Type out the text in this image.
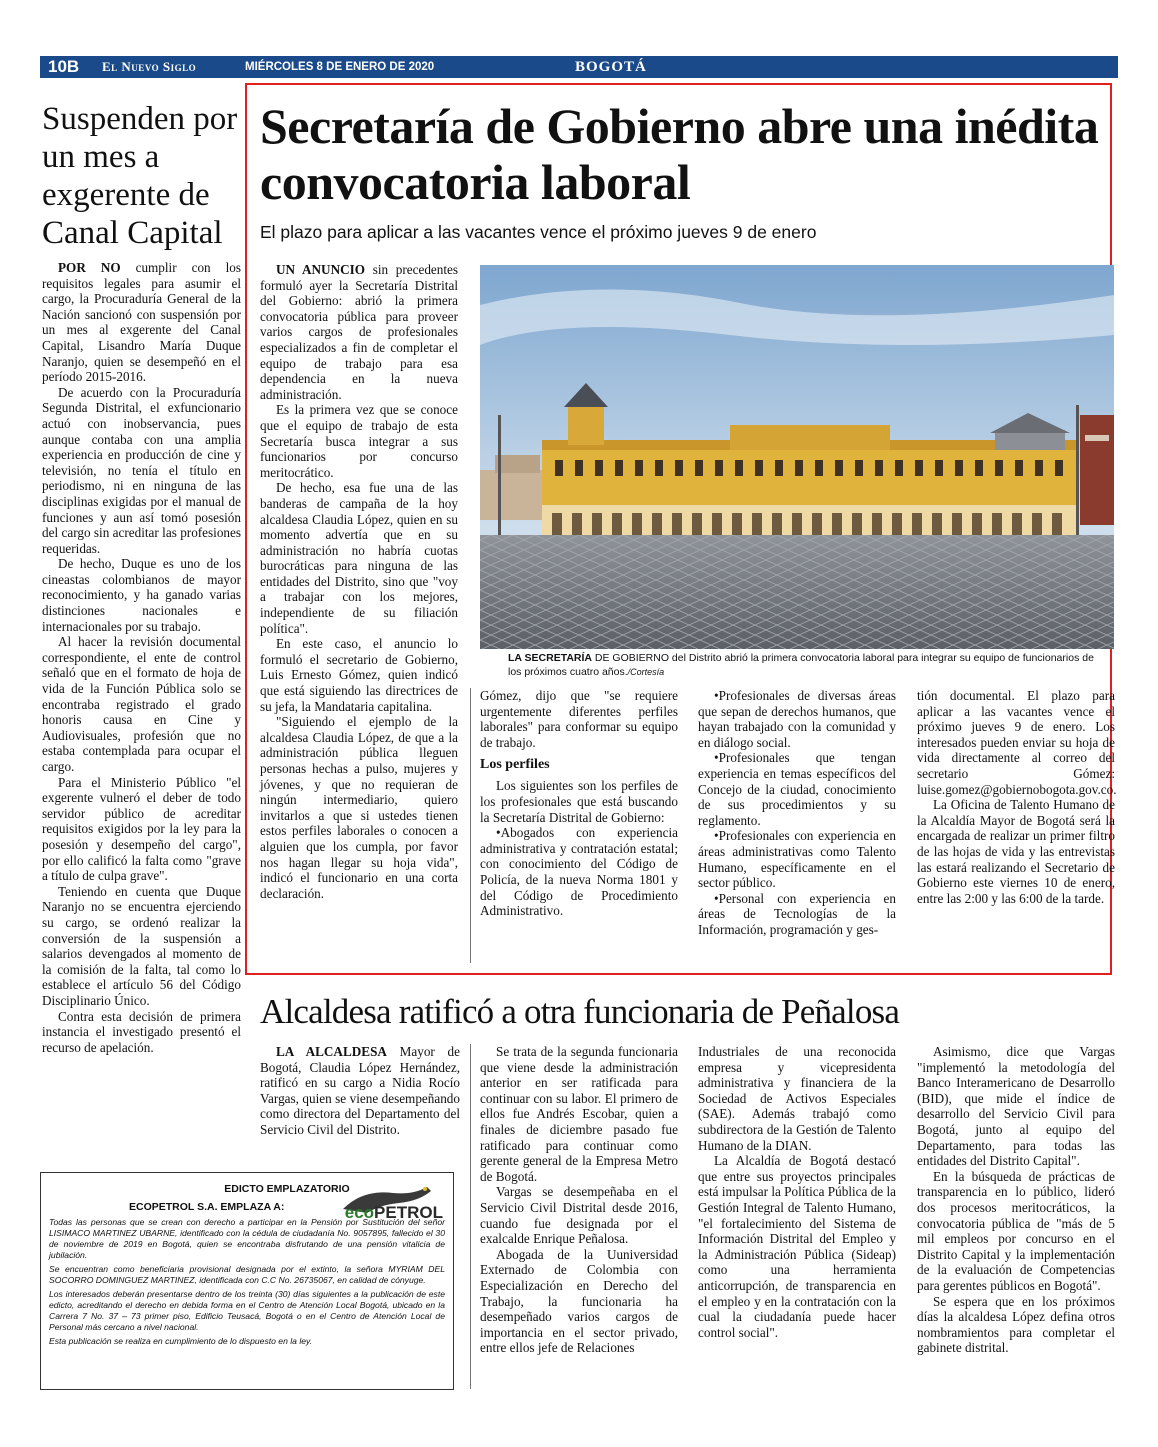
10B El Nuevo Siglo	MIÉRCOLES 8 DE ENERO DE 2020	BOGOTÁ
Suspenden por un mes a exgerente de Canal Capital

POR NO cumplir con los requisitos legales para asumir el cargo, la Procuraduría General de la Nación sancionó con suspensión por un mes al exgerente del Canal Capital, Lisandro María Duque Naranjo, quien se desempeñó en el período 2015-2016.

De acuerdo con la Procuraduría Segunda Distrital, el exfuncionario actuó con inobservancia, pues aunque contaba con una amplia experiencia en producción de cine y televisión, no tenía el título en periodismo, ni en ninguna de las disciplinas exigidas por el manual de funciones y aun así tomó posesión del cargo sin acreditar las profesiones requeridas.

De hecho, Duque es uno de los cineastas colombianos de mayor reconocimiento, y ha ganado varias distinciones nacionales e internacionales por su trabajo.

Al hacer la revisión documental correspondiente, el ente de control señaló que en el formato de hoja de vida de la Función Pública solo se encontraba registrado el grado honoris causa en Cine y Audiovisuales, profesión que no estaba contemplada para ocupar el cargo.

Para el Ministerio Público "el exgerente vulneró el deber de todo servidor público de acreditar requisitos exigidos por la ley para la posesión y desempeño del cargo", por ello calificó la falta como "grave a título de culpa grave".

Teniendo en cuenta que Duque Naranjo no se encuentra ejerciendo su cargo, se ordenó realizar la conversión de la suspensión a salarios devengados al momento de la comisión de la falta, tal como lo establece el artículo 56 del Código Disciplinario Único.

Contra esta decisión de primera instancia el investigado presentó el recurso de apelación.

Secretaría de Gobierno abre una inédita convocatoria laboral
El plazo para aplicar a las vacantes vence el próximo jueves 9 de enero

UN ANUNCIO sin precedentes formuló ayer la Secretaría Distrital del Gobierno: abrió la primera convocatoria pública para proveer varios cargos de profesionales especializados a fin de completar el equipo de trabajo para esa dependencia en la nueva administración.

Es la primera vez que se conoce que el equipo de trabajo de esta Secretaría busca integrar a sus funcionarios por concurso meritocrático.

De hecho, esa fue una de las banderas de campaña de la hoy alcaldesa Claudia López, quien en su momento advertía que en su administración no habría cuotas burocráticas para ninguna de las entidades del Distrito, sino que "voy a trabajar con los mejores, independiente de su filiación política".

En este caso, el anuncio lo formuló el secretario de Gobierno, Luis Ernesto Gómez, quien indicó que está siguiendo las directrices de su jefa, la Mandataria capitalina.

"Siguiendo el ejemplo de la alcaldesa Claudia López, de que a la administración pública lleguen personas hechas a pulso, mujeres y jóvenes, y que no requieran de ningún intermediario, quiero invitarlos a que si ustedes tienen estos perfiles laborales o conocen a alguien que los cumpla, por favor nos hagan llegar su hoja vida", indicó el funcionario en una corta declaración.

LA SECRETARÍA DE GOBIERNO del Distrito abrió la primera convocatoria laboral para integrar su equipo de funcionarios de los próximos cuatro años./Cortesía

Gómez, dijo que "se requiere urgentemente diferentes perfiles laborales" para conformar su equipo de trabajo.

Los perfiles

Los siguientes son los perfiles de los profesionales que está buscando la Secretaría Distrital de Gobierno:

•Abogados con experiencia administrativa y contratación estatal; con conocimiento del Código de Policía, de la nueva Norma 1801 y del Código de Procedimiento Administrativo.

•Profesionales de diversas áreas que sepan de derechos humanos, que hayan trabajado con la comunidad y en diálogo social.

•Profesionales que tengan experiencia en temas específicos del Concejo de la ciudad, conocimiento de sus procedimientos y su reglamento.

•Profesionales con experiencia en áreas administrativas como Talento Humano, específicamente en el sector público.

•Personal con experiencia en áreas de Tecnologías de la Información, programación y ges-

tión documental. El plazo para aplicar a las vacantes vence el próximo jueves 9 de enero. Los interesados pueden enviar su hoja de vida directamente al correo del secretario Gómez: luise.gomez@gobiernobogota.gov.co.

La Oficina de Talento Humano de la Alcaldía Mayor de Bogotá será la encargada de realizar un primer filtro de las hojas de vida y las entrevistas las estará realizando el Secretario de Gobierno este viernes 10 de enero, entre las 2:00 y las 6:00 de la tarde.

Alcaldesa ratificó a otra funcionaria de Peñalosa

LA ALCALDESA Mayor de Bogotá, Claudia López Hernández, ratificó en su cargo a Nidia Rocío Vargas, quien se viene desempeñando como directora del Departamento del Servicio Civil del Distrito.

Se trata de la segunda funcionaria que viene desde la administración anterior en ser ratificada para continuar con su labor. El primero de ellos fue Andrés Escobar, quien a finales de diciembre pasado fue ratificado para continuar como gerente general de la Empresa Metro de Bogotá.

Vargas se desempeñaba en el Servicio Civil Distrital desde 2016, cuando fue designada por el exalcalde Enrique Peñalosa.

Abogada de la Uuniversidad Externado de Colombia con Especialización en Derecho del Trabajo, la funcionaria ha desempeñado varios cargos de importancia en el sector privado, entre ellos jefe de Relaciones

Industriales de una reconocida empresa y vicepresidenta administrativa y financiera de la Sociedad de Activos Especiales (SAE). Además trabajó como subdirectora de la Gestión de Talento Humano de la DIAN.

La Alcaldía de Bogotá destacó que entre sus proyectos principales está impulsar la Política Pública de la Gestión Integral de Talento Humano, "el fortalecimiento del Sistema de Información Distrital del Empleo y la Administración Pública (Sideap) como una herramienta anticorrupción, de transparencia en el empleo y en la contratación con la cual la ciudadanía puede hacer control social".

Asimismo, dice que Vargas "implementó la metodología del Banco Interamericano de Desarrollo (BID), que mide el índice de desarrollo del Servicio Civil para Bogotá, junto al equipo del Departamento, para todas las entidades del Distrito Capital".

En la búsqueda de prácticas de transparencia en lo público, lideró dos procesos meritocráticos, la convocatoria pública de "más de 5 mil empleos por concurso en el Distrito Capital y la implementación de la evaluación de Competencias para gerentes públicos en Bogotá".

Se espera que en los próximos días la alcaldesa López defina otros nombramientos para completar el gabinete distrital.

ecoPETROL
EDICTO EMPLAZATORIO
ECOPETROL S.A. EMPLAZA A:

Todas las personas que se crean con derecho a participar en la Pensión por Sustitución del señor LISIMACO MARTINEZ UBARNE, identificado con la cédula de ciudadanía No. 9057895, fallecido el 30 de noviembre de 2019 en Bogotá, quien se encontraba disfrutando de una pensión vitalicia de jubilación.

Se encuentran como beneficiaria provisional designada por el extinto, la señora MYRIAM DEL SOCORRO DOMINGUEZ MARTINEZ, identificada con C.C No. 26735067, en calidad de cónyuge.

Los interesados deberán presentarse dentro de los treinta (30) días siguientes a la publicación de este edicto, acreditando el derecho en debida forma en el Centro de Atención Local Bogotá, ubicado en la Carrera 7 No. 37 – 73 primer piso, Edificio Teusacá, Bogotá o en el Centro de Atención Local de Personal más cercano a nivel nacional.

Esta publicación se realiza en cumplimiento de lo dispuesto en la ley.
